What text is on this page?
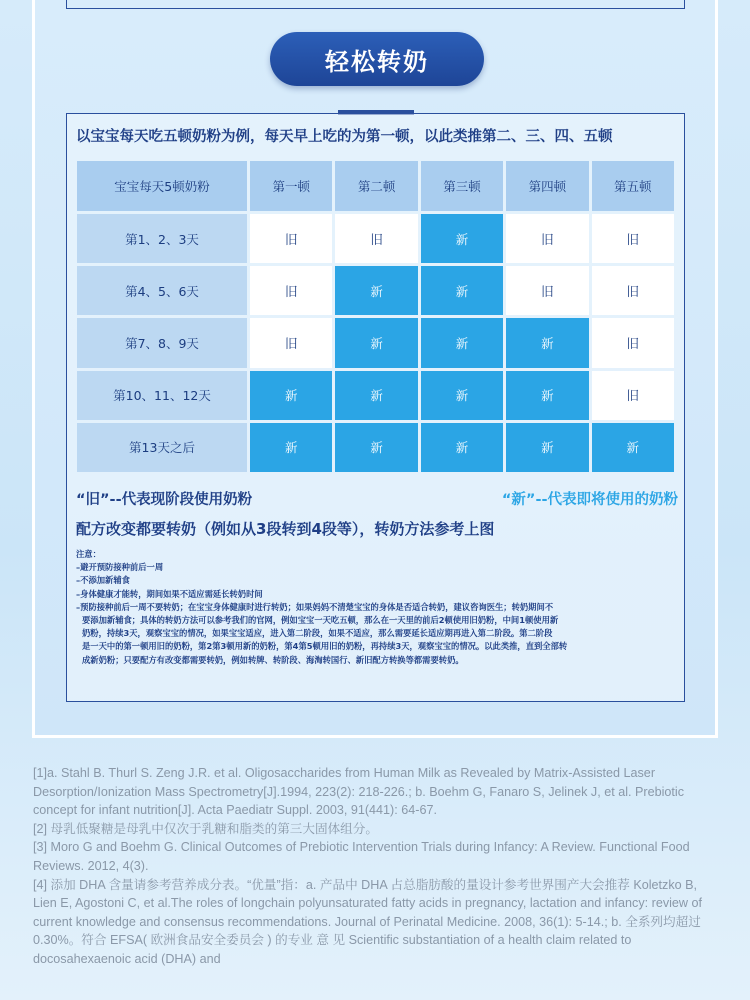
轻松转奶
以宝宝每天吃五顿奶粉为例，每天早上吃的为第一顿，以此类推第二、三、四、五顿
宝宝每天5顿奶粉	第一顿	第二顿	第三顿	第四顿	第五顿
第1、2、3天	旧	旧	新	旧	旧
第4、5、6天	旧	新	新	旧	旧
第7、8、9天	旧	新	新	新	旧
第10、11、12天	新	新	新	新	旧
第13天之后	新	新	新	新	新
“旧”--代表现阶段使用奶粉	“新”--代表即将使用的奶粉
配方改变都要转奶（例如从3段转到4段等），转奶方法参考上图

注意：

–避开预防接种前后一周

–不添加新辅食

–身体健康才能转，期间如果不适应需延长转奶时间

–预防接种前后一周不要转奶；在宝宝身体健康时进行转奶；如果妈妈不清楚宝宝的身体是否适合转奶，建议咨询医生；转奶期间不

要添加新辅食；具体的转奶方法可以参考我们的官网，例如宝宝一天吃五顿，那么在一天里的前后2顿使用旧奶粉，中间1顿使用新

奶粉，持续3天，观察宝宝的情况，如果宝宝适应，进入第二阶段，如果不适应，那么需要延长适应期再进入第二阶段。第二阶段

是一天中的第一顿用旧的奶粉，第2第3顿用新的奶粉，第4第5顿用旧的奶粉，再持续3天，观察宝宝的情况。以此类推，直到全部转

成新奶粉；只要配方有改变都需要转奶，例如转牌、转阶段、海淘转国行、新旧配方转换等都需要转奶。

[1]a. Stahl B. Thurl S. Zeng J.R. et al. Oligosaccharides from Human Milk as Revealed by Matrix-Assisted Laser Desorption/Ionization Mass Spectrometry[J].1994, 223(2): 218-226.; b. Boehm G, Fanaro S, Jelinek J, et al. Prebiotic concept for infant nutrition[J]. Acta Paediatr Suppl. 2003, 91(441): 64-67.

[2] 母乳低聚糖是母乳中仅次于乳糖和脂类的第三大固体组分。

[3] Moro G and Boehm G. Clinical Outcomes of Prebiotic Intervention Trials during Infancy: A Review. Functional Food Reviews. 2012, 4(3).

[4] 添加 DHA 含量请参考营养成分表。“优量”指：a. 产品中 DHA 占总脂肪酸的量设计参考世界围产大会推荐 Koletzko B, Lien E, Agostoni C, et al.The roles of longchain polyunsaturated fatty acids in pregnancy, lactation and infancy: review of current knowledge and consensus recommendations. Journal of Perinatal Medicine. 2008, 36(1): 5-14.; b. 全系列均超过 0.30%。符合 EFSA( 欧洲食品安全委员会 ) 的专业 意 见 Scientific substantiation of a health claim related to docosahexaenoic acid (DHA) and
